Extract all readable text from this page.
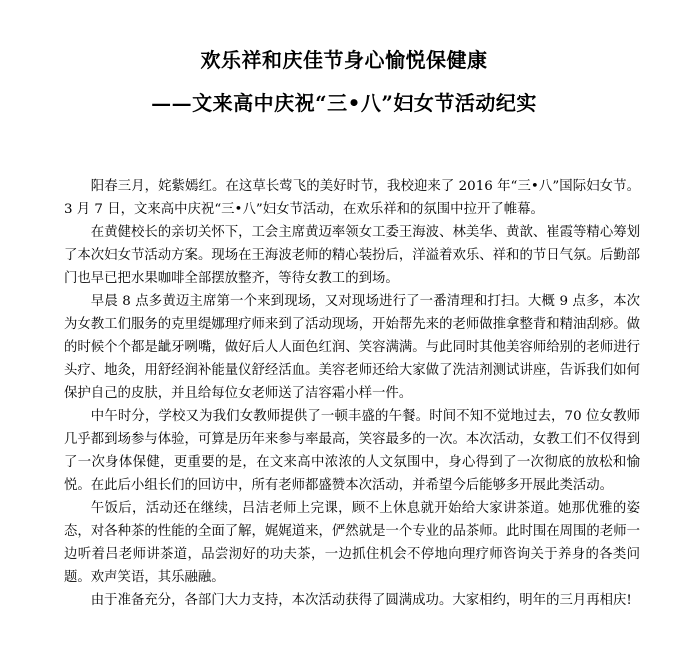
欢乐祥和庆佳节身心愉悦保健康
——文来高中庆祝“三•八”妇女节活动纪实

阳春三月，姹紫嫣红。在这草长莺飞的美好时节，我校迎来了 2016 年“三•八”国际妇女节。3 月 7 日，文来高中庆祝“三•八”妇女节活动，在欢乐祥和的氛围中拉开了帷幕。

在黄健校长的亲切关怀下，工会主席黄迈率领女工委王海波、林美华、黄歆、崔霞等精心筹划了本次妇女节活动方案。现场在王海波老师的精心装扮后，洋溢着欢乐、祥和的节日气氛。后勤部门也早已把水果咖啡全部摆放整齐，等待女教工的到场。

早晨 8 点多黄迈主席第一个来到现场，又对现场进行了一番清理和打扫。大概 9 点多，本次为女教工们服务的克里缇娜理疗师来到了活动现场，开始帮先来的老师做推拿整背和精油刮痧。做的时候个个都是龇牙咧嘴，做好后人人面色红润、笑容满满。与此同时其他美容师给别的老师进行头疗、地灸，用舒经润补能量仪舒经活血。美容老师还给大家做了洗洁剂测试讲座，告诉我们如何保护自己的皮肤，并且给每位女老师送了洁容霜小样一件。

中午时分，学校又为我们女教师提供了一顿丰盛的午餐。时间不知不觉地过去，70 位女教师几乎都到场参与体验，可算是历年来参与率最高，笑容最多的一次。本次活动，女教工们不仅得到了一次身体保健，更重要的是，在文来高中浓浓的人文氛围中，身心得到了一次彻底的放松和愉悦。在此后小组长们的回访中，所有老师都盛赞本次活动，并希望今后能够多开展此类活动。

午饭后，活动还在继续，吕洁老师上完课，顾不上休息就开始给大家讲茶道。她那优雅的姿态，对各种茶的性能的全面了解，娓娓道来，俨然就是一个专业的品茶师。此时围在周围的老师一边听着吕老师讲茶道，品尝沏好的功夫茶，一边抓住机会不停地向理疗师咨询关于养身的各类问题。欢声笑语，其乐融融。

由于准备充分，各部门大力支持，本次活动获得了圆满成功。大家相约，明年的三月再相庆!
